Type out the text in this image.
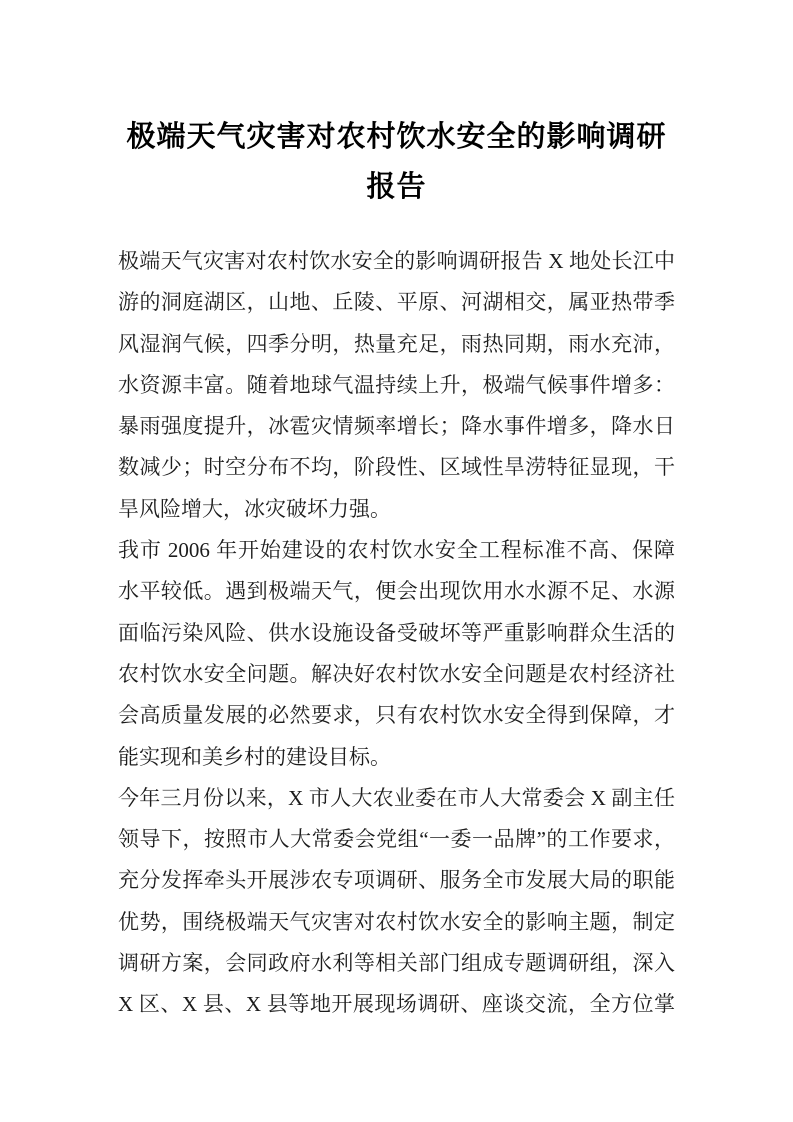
极端天气灾害对农村饮水安全的影响调研
报告
极端天气灾害对农村饮水安全的影响调研报告 X 地处长江中
游的洞庭湖区，山地、丘陵、平原、河湖相交，属亚热带季
风湿润气候，四季分明，热量充足，雨热同期，雨水充沛，
水资源丰富。随着地球气温持续上升，极端气候事件增多：
暴雨强度提升，冰雹灾情频率增长；降水事件增多，降水日
数减少；时空分布不均，阶段性、区域性旱涝特征显现，干
旱风险增大，冰灾破坏力强。
我市 2006 年开始建设的农村饮水安全工程标准不高、保障
水平较低。遇到极端天气，便会出现饮用水水源不足、水源
面临污染风险、供水设施设备受破坏等严重影响群众生活的
农村饮水安全问题。解决好农村饮水安全问题是农村经济社
会高质量发展的必然要求，只有农村饮水安全得到保障，才
能实现和美乡村的建设目标。
今年三月份以来，X 市人大农业委在市人大常委会 X 副主任
领导下，按照市人大常委会党组“一委一品牌”的工作要求，
充分发挥牵头开展涉农专项调研、服务全市发展大局的职能
优势，围绕极端天气灾害对农村饮水安全的影响主题，制定
调研方案，会同政府水利等相关部门组成专题调研组，深入
X 区、X 县、X 县等地开展现场调研、座谈交流，全方位掌
